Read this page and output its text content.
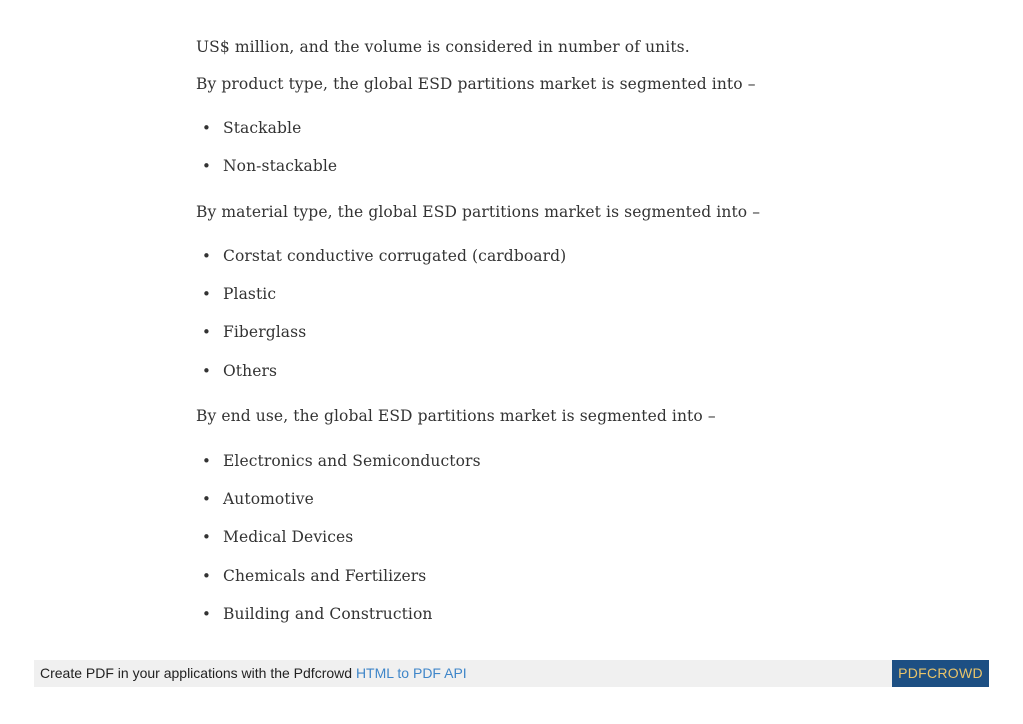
US$ million, and the volume is considered in number of units.
By product type, the global ESD partitions market is segmented into –
• Stackable
• Non-stackable
By material type, the global ESD partitions market is segmented into –
• Corstat conductive corrugated (cardboard)
• Plastic
• Fiberglass
• Others
By end use, the global ESD partitions market is segmented into –
• Electronics and Semiconductors
• Automotive
• Medical Devices
• Chemicals and Fertilizers
• Building and Construction
Create PDF in your applications with the Pdfcrowd HTML to PDF API	PDFCROWD
